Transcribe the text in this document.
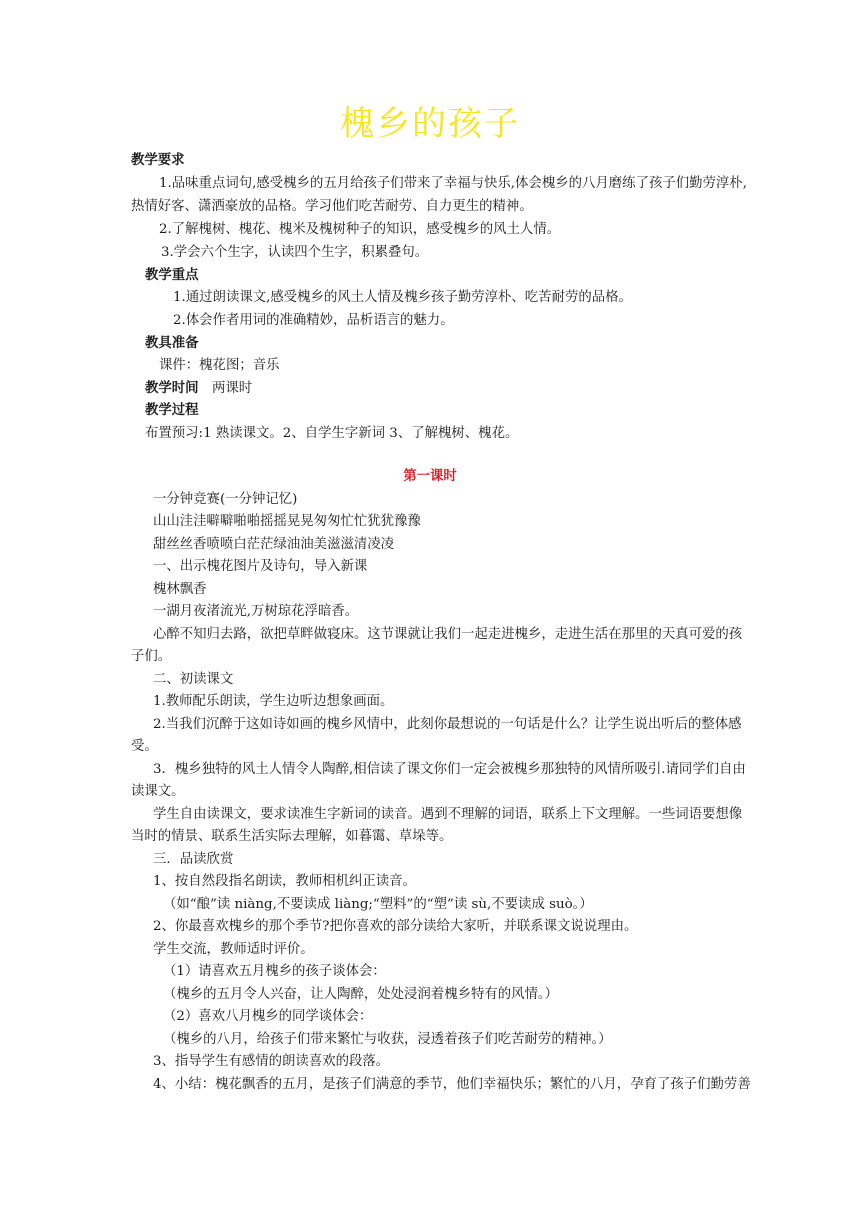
槐乡的孩子
教学要求
1.品味重点词句,感受槐乡的五月给孩子们带来了幸福与快乐,体会槐乡的八月磨练了孩子们勤劳淳朴,
热情好客、潇洒豪放的品格。学习他们吃苦耐劳、自力更生的精神。
2.了解槐树、槐花、槐米及槐树种子的知识，感受槐乡的风土人情。
3.学会六个生字，认读四个生字，积累叠句。
教学重点
1.通过朗读课文,感受槐乡的风土人情及槐乡孩子勤劳淳朴、吃苦耐劳的品格。
2.体会作者用词的准确精妙，品析语言的魅力。
教具准备
课件：槐花图；音乐
教学时间　两课时
教学过程
布置预习:1 熟读课文。2、自学生字新词 3、了解槐树、槐花。
第一课时
一分钟竞赛(一分钟记忆)
山山洼洼噼噼啪啪摇摇晃晃匆匆忙忙犹犹豫豫
甜丝丝香喷喷白茫茫绿油油美滋滋清凌凌
一、出示槐花图片及诗句，导入新课
槐林飘香
一湖月夜渚流光,万树琼花浮暗香。
心醉不知归去路，欲把草畔做寝床。这节课就让我们一起走进槐乡，走进生活在那里的天真可爱的孩
子们。
二、初读课文
1.教师配乐朗读，学生边听边想象画面。
2.当我们沉醉于这如诗如画的槐乡风情中，此刻你最想说的一句话是什么？让学生说出听后的整体感
受。
3．槐乡独特的风土人情令人陶醉,相信读了课文你们一定会被槐乡那独特的风情所吸引.请同学们自由
读课文。
学生自由读课文，要求读准生字新词的读音。遇到不理解的词语，联系上下文理解。一些词语要想像
当时的情景、联系生活实际去理解，如暮霭、草垛等。
三．品读欣赏
1、按自然段指名朗读，教师相机纠正读音。
（如“酿”读 niàng,不要读成 liàng;“塑料”的“塑”读 sù,不要读成 suò。）
2、你最喜欢槐乡的那个季节?把你喜欢的部分读给大家听，并联系课文说说理由。
学生交流，教师适时评价。
（1）请喜欢五月槐乡的孩子谈体会：
（槐乡的五月令人兴奋，让人陶醉，处处浸润着槐乡特有的风情。）
（2）喜欢八月槐乡的同学谈体会：
（槐乡的八月，给孩子们带来繁忙与收获，浸透着孩子们吃苦耐劳的精神。）
3、指导学生有感情的朗读喜欢的段落。
4、小结：槐花飘香的五月，是孩子们满意的季节，他们幸福快乐；繁忙的八月，孕育了孩子们勤劳善
